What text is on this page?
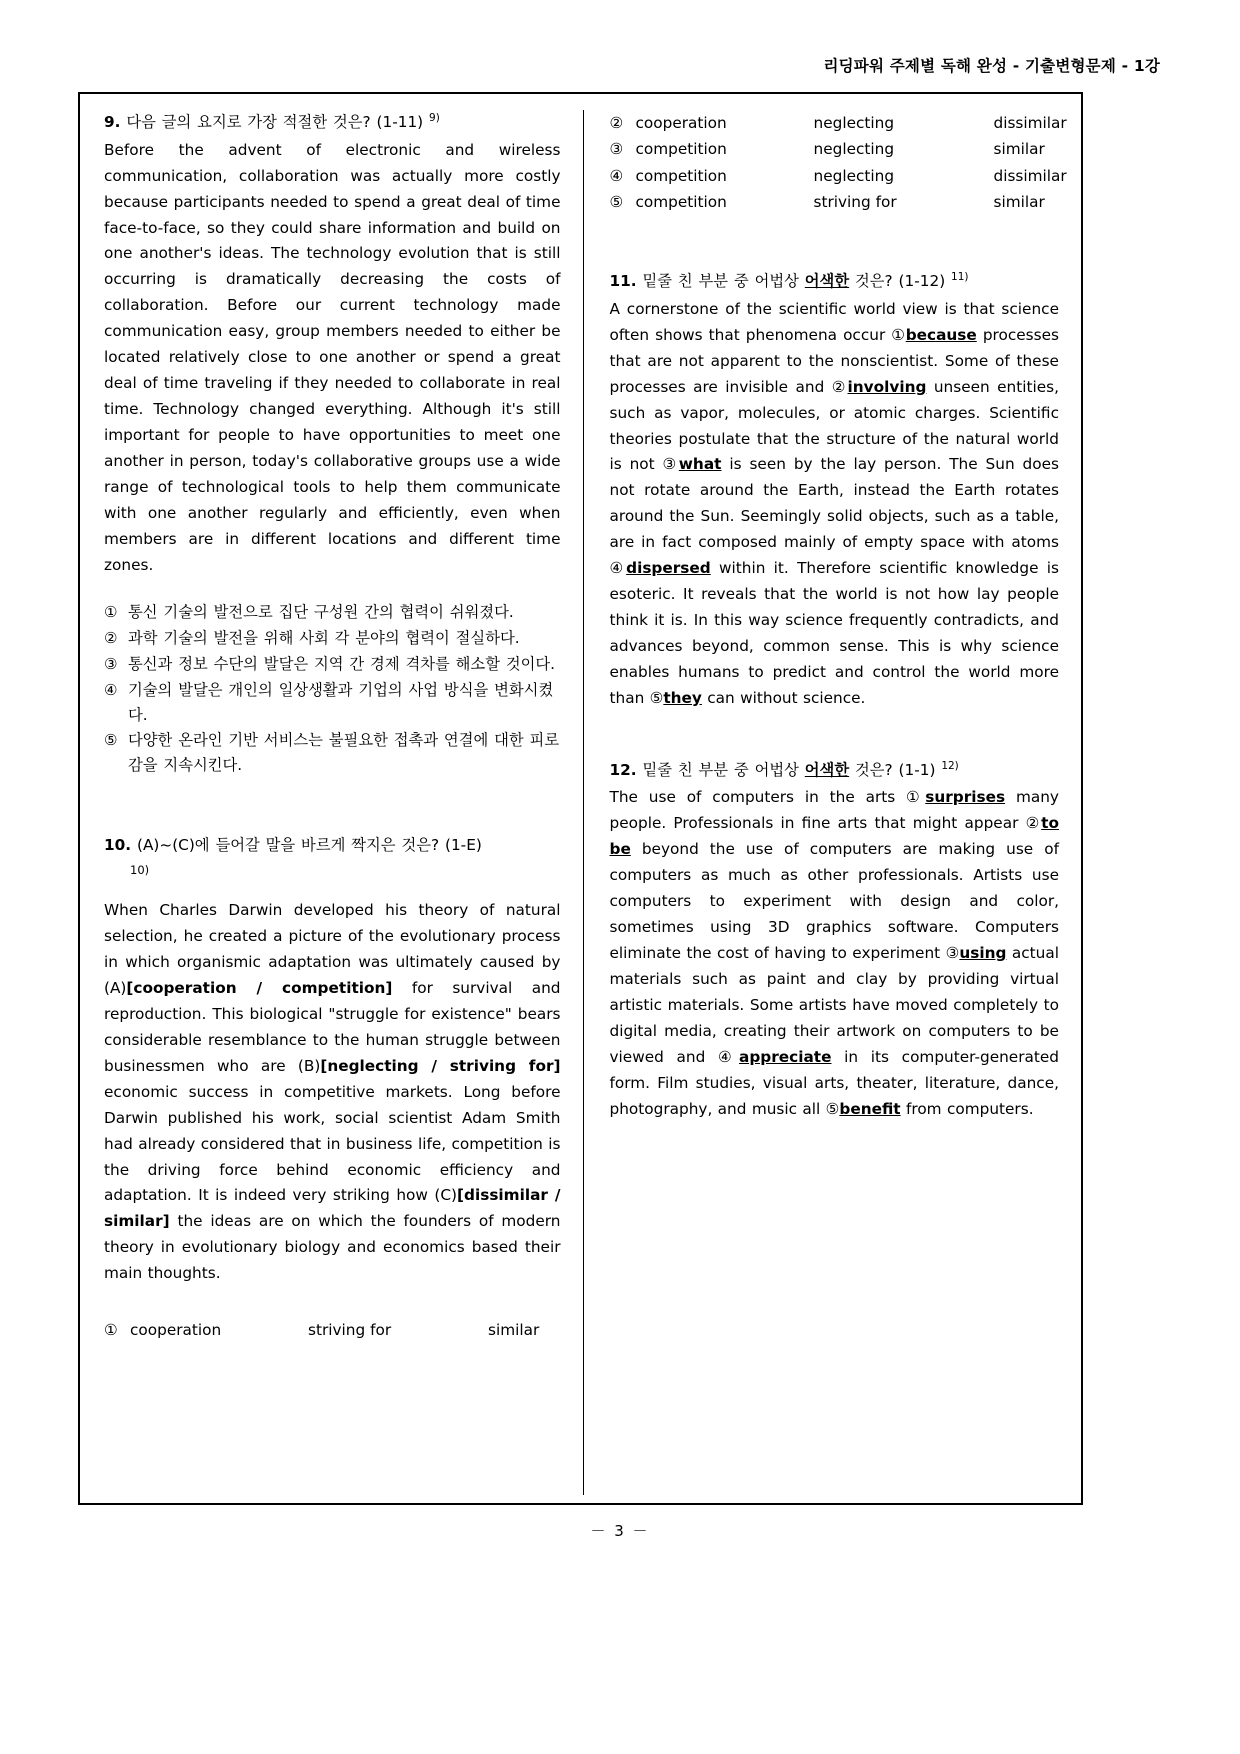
리딩파워 주제별 독해 완성 - 기출변형문제 - 1강
9. 다음 글의 요지로 가장 적절한 것은? (1-11) $^{9)}$

Before the advent of electronic and wireless communication, collaboration was actually more costly because participants needed to spend a great deal of time face-to-face, so they could share information and build on one another's ideas. The technology evolution that is still occurring is dramatically decreasing the costs of collaboration. Before our current technology made communication easy, group members needed to either be located relatively close to one another or spend a great deal of time traveling if they needed to collaborate in real time. Technology changed everything. Although it's still important for people to have opportunities to meet one another in person, today's collaborative groups use a wide range of technological tools to help them communicate with one another regularly and efficiently, even when members are in different locations and different time zones.

① 통신 기술의 발전으로 집단 구성원 간의 협력이 쉬워졌다.
② 과학 기술의 발전을 위해 사회 각 분야의 협력이 절실하다.
③ 통신과 정보 수단의 발달은 지역 간 경제 격차를 해소할 것이다.
④ 기술의 발달은 개인의 일상생활과 기업의 사업 방식을 변화시켰다.
⑤ 다양한 온라인 기반 서비스는 불필요한 접촉과 연결에 대한 피로감을 지속시킨다.
10. (A)~(C)에 들어갈 말을 바르게 짝지은 것은? (1-E)
10)

When Charles Darwin developed his theory of natural selection, he created a picture of the evolutionary process in which organismic adaptation was ultimately caused by (A)[cooperation / competition] for survival and reproduction. This biological "struggle for existence" bears considerable resemblance to the human struggle between businessmen who are (B)[neglecting / striving for] economic success in competitive markets. Long before Darwin published his work, social scientist Adam Smith had already considered that in business life, competition is the driving force behind economic efficiency and adaptation. It is indeed very striking how (C)[dissimilar / similar] the ideas are on which the founders of modern theory in evolutionary biology and economics based their main thoughts.

① cooperation	striving for	similar
② cooperation	neglecting	dissimilar
③ competition	neglecting	similar
④ competition	neglecting	dissimilar
⑤ competition	striving for	similar
11. 밑줄 친 부분 중 어법상 어색한 것은? (1-12) $^{11)}$

A cornerstone of the scientific world view is that science often shows that phenomena occur ①because processes that are not apparent to the nonscientist. Some of these processes are invisible and ②involving unseen entities, such as vapor, molecules, or atomic charges. Scientific theories postulate that the structure of the natural world is not ③what is seen by the lay person. The Sun does not rotate around the Earth, instead the Earth rotates around the Sun. Seemingly solid objects, such as a table, are in fact composed mainly of empty space with atoms ④dispersed within it. Therefore scientific knowledge is esoteric. It reveals that the world is not how lay people think it is. In this way science frequently contradicts, and advances beyond, common sense. This is why science enables humans to predict and control the world more than ⑤they can without science.

12. 밑줄 친 부분 중 어법상 어색한 것은? (1-1) $^{12)}$

The use of computers in the arts ①surprises many people. Professionals in fine arts that might appear ②to be beyond the use of computers are making use of computers as much as other professionals. Artists use computers to experiment with design and color, sometimes using 3D graphics software. Computers eliminate the cost of having to experiment ③using actual materials such as paint and clay by providing virtual artistic materials. Some artists have moved completely to digital media, creating their artwork on computers to be viewed and ④appreciate in its computer-generated form. Film studies, visual arts, theater, literature, dance, photography, and music all ⑤benefit from computers.

－ 3 －
